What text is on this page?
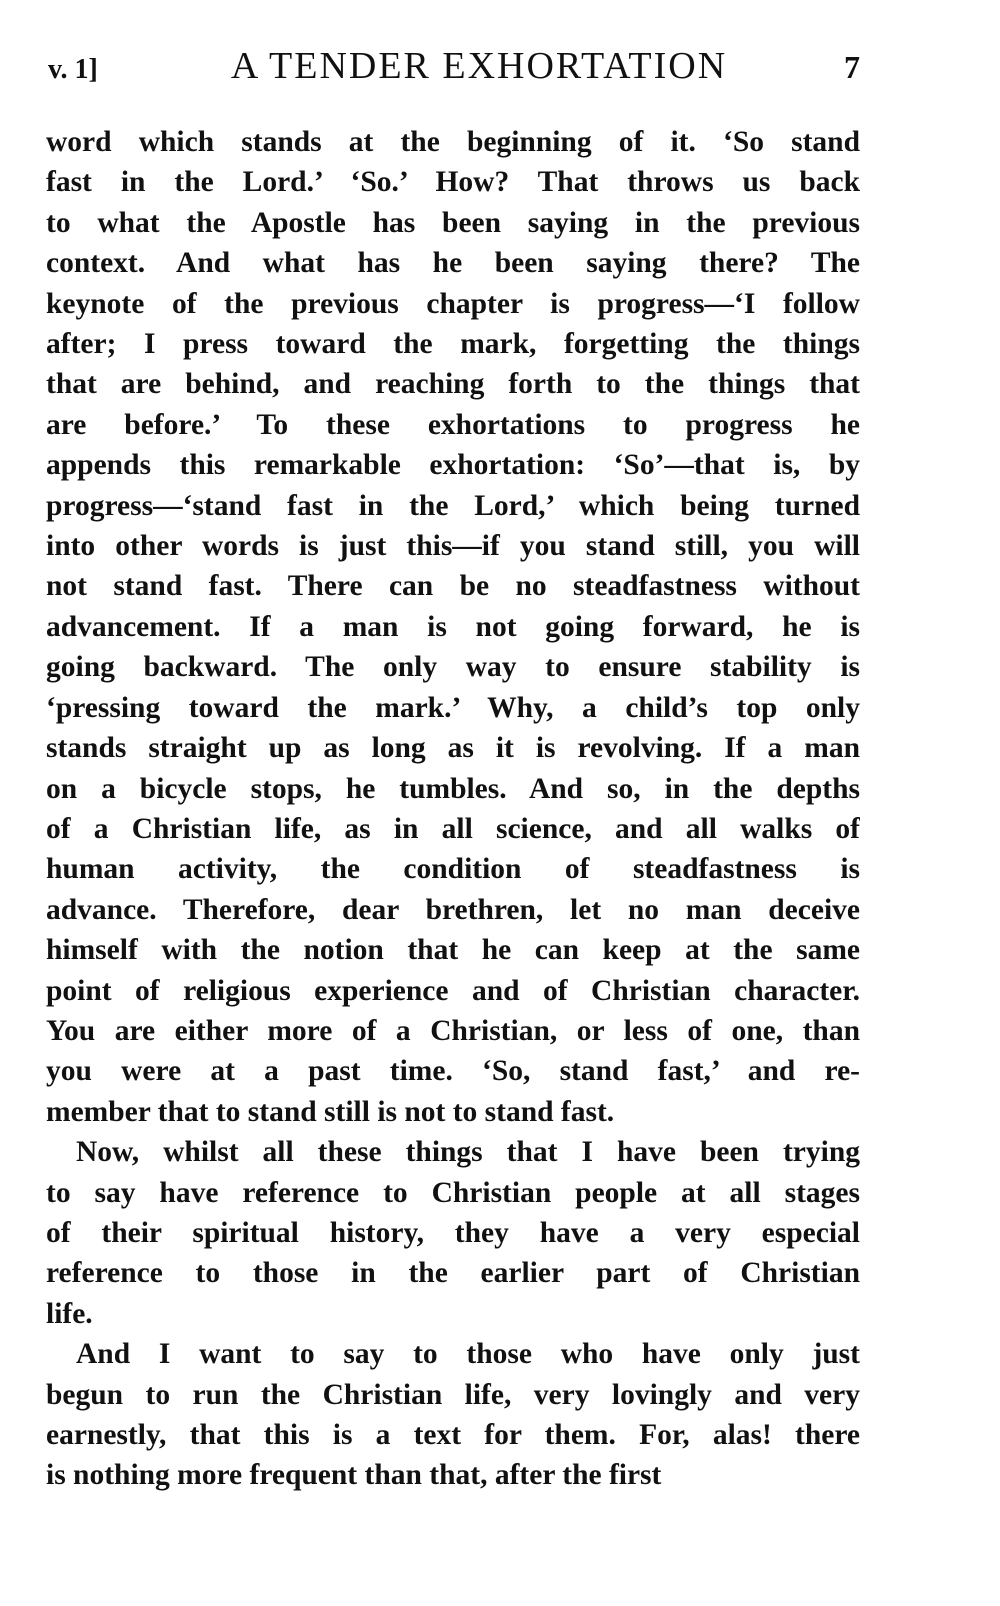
v. 1]	A TENDER EXHORTATION	7
word which stands at the beginning of it. ‘So stand
fast in the Lord.’ ‘So.’ How? That throws us back
to what the Apostle has been saying in the previous
context. And what has he been saying there? The
keynote of the previous chapter is progress—‘I follow
after; I press toward the mark, forgetting the things
that are behind, and reaching forth to the things that
are before.’ To these exhortations to progress he
appends this remarkable exhortation: ‘So’—that is, by
progress—‘stand fast in the Lord,’ which being turned
into other words is just this—if you stand still, you will
not stand fast. There can be no steadfastness without
advancement. If a man is not going forward, he is
going backward. The only way to ensure stability is
‘pressing toward the mark.’ Why, a child’s top only
stands straight up as long as it is revolving. If a man
on a bicycle stops, he tumbles. And so, in the depths
of a Christian life, as in all science, and all walks of
human activity, the condition of steadfastness is
advance. Therefore, dear brethren, let no man deceive
himself with the notion that he can keep at the same
point of religious experience and of Christian character.
You are either more of a Christian, or less of one, than
you were at a past time. ‘So, stand fast,’ and re-
member that to stand still is not to stand fast.
Now, whilst all these things that I have been trying
to say have reference to Christian people at all stages
of their spiritual history, they have a very especial
reference to those in the earlier part of Christian
life.
And I want to say to those who have only just
begun to run the Christian life, very lovingly and very
earnestly, that this is a text for them. For, alas! there
is nothing more frequent than that, after the first
